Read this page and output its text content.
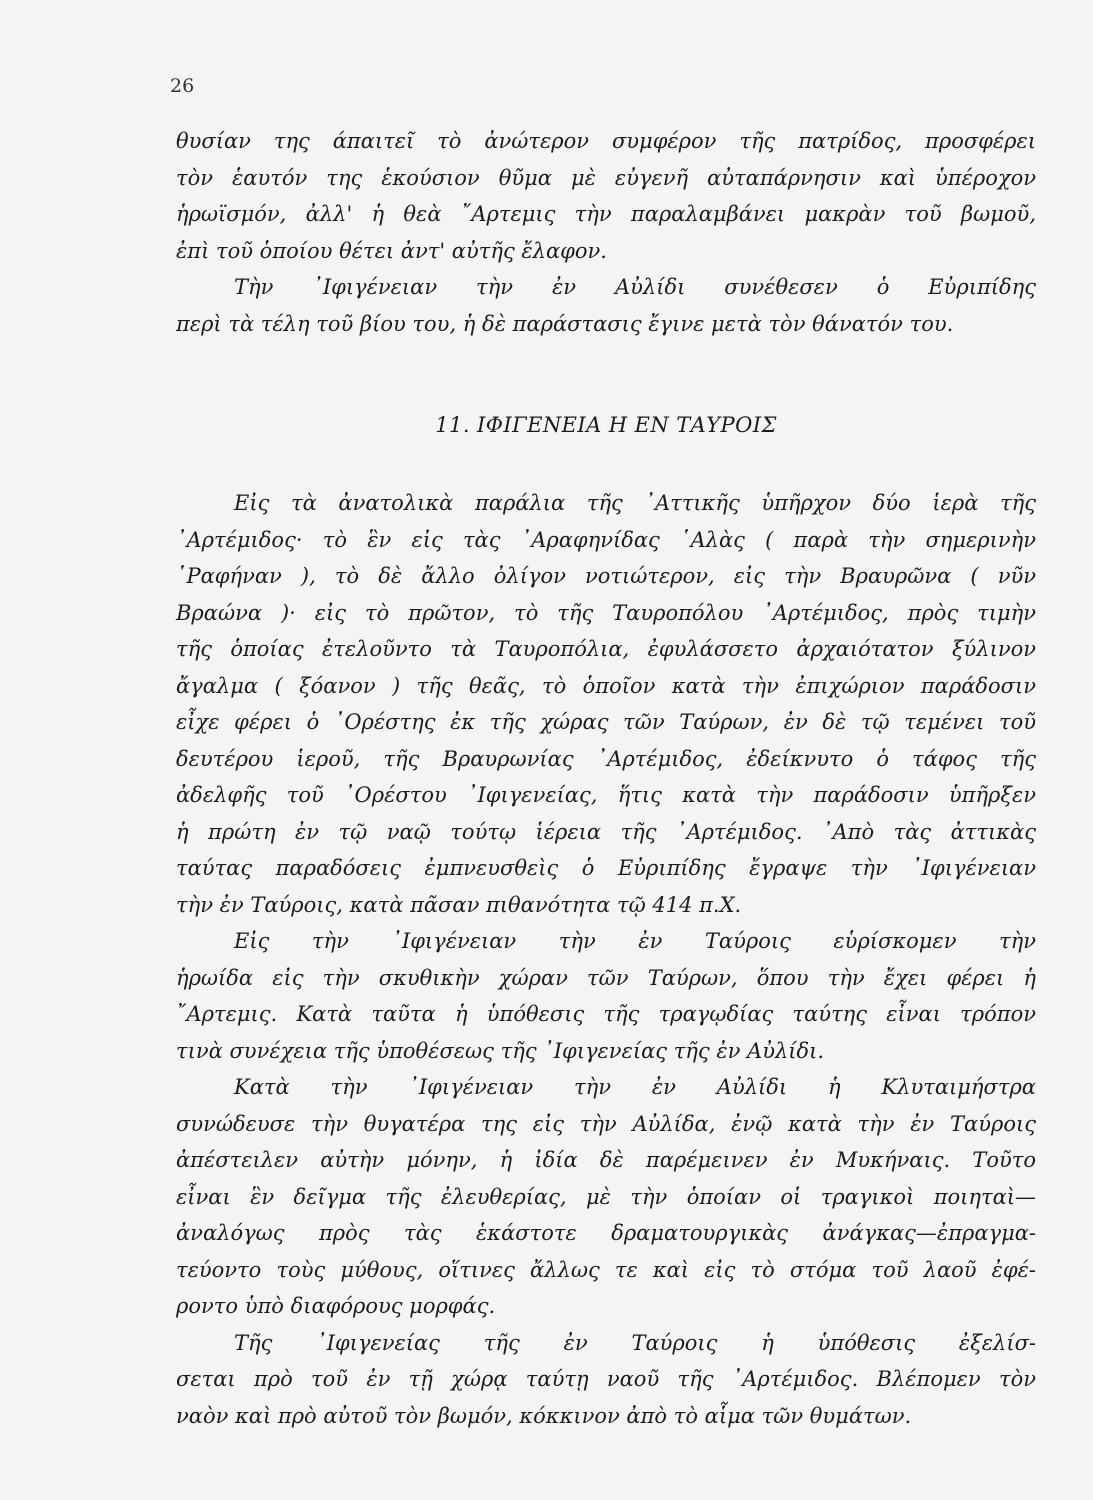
26
θυσίαν της άπαιτεῖ τὸ ἀνώτερον συμφέρον τῆς πατρίδος, προσφέρει
τὸν ἑαυτόν της ἑκούσιον θῦμα μὲ εὐγενῆ αὐταπάρνησιν καὶ ὑπέροχον
ἡρωϊσμόν, ἀλλ' ἡ θεὰ ῎Αρτεμις τὴν παραλαμβάνει μακρὰν τοῦ βωμοῦ,
ἐπὶ τοῦ ὁποίου θέτει ἀντ' αὐτῆς ἔλαφον.
Τὴν ᾿Ιφιγένειαν τὴν ἐν Αὐλίδι συνέθεσεν ὁ Εὐριπίδης
περὶ τὰ τέλη τοῦ βίου του, ἡ δὲ παράστασις ἔγινε μετὰ τὸν θάνατόν του.
11. ΙΦΙΓΕΝΕΙΑ Η ΕΝ ΤΑΥΡΟΙΣ
Εἰς τὰ ἀνατολικὰ παράλια τῆς ᾿Αττικῆς ὑπῆρχον δύο ἱερὰ τῆς
᾿Αρτέμιδος· τὸ ἓν εἰς τὰς ᾿Αραφηνίδας ῾Αλὰς ( παρὰ τὴν σημερινὴν
῾Ραφήναν ), τὸ δὲ ἄλλο ὀλίγον νοτιώτερον, εἰς τὴν Βραυρῶνα ( νῦν
Βραώνα )· εἰς τὸ πρῶτον, τὸ τῆς Ταυροπόλου ᾿Αρτέμιδος, πρὸς τιμὴν
τῆς ὁποίας ἐτελοῦντο τὰ Ταυροπόλια, ἐφυλάσσετο ἀρχαιότατον ξύλινον
ἄγαλμα ( ξόανον ) τῆς θεᾶς, τὸ ὁποῖον κατὰ τὴν ἐπιχώριον παράδοσιν
εἶχε φέρει ὁ ᾿Ορέστης ἐκ τῆς χώρας τῶν Ταύρων, ἐν δὲ τῷ τεμένει τοῦ
δευτέρου ἱεροῦ, τῆς Βραυρωνίας ᾿Αρτέμιδος, ἐδείκνυτο ὁ τάφος τῆς
ἀδελφῆς τοῦ ᾿Ορέστου ᾿Ιφιγενείας, ἥτις κατὰ τὴν παράδοσιν ὑπῆρξεν
ἡ πρώτη ἐν τῷ ναῷ τούτῳ ἱέρεια τῆς ᾿Αρτέμιδος. ᾿Απὸ τὰς ἀττικὰς
ταύτας παραδόσεις ἐμπνευσθεὶς ὁ Εὐριπίδης ἔγραψε τὴν ᾿Ιφιγένειαν
τὴν ἐν Ταύροις, κατὰ πᾶσαν πιθανότητα τῷ 414 π.Χ.
Εἰς τὴν ᾿Ιφιγένειαν τὴν ἐν Ταύροις εὑρίσκομεν τὴν
ἡρωίδα εἰς τὴν σκυθικὴν χώραν τῶν Ταύρων, ὅπου τὴν ἔχει φέρει ἡ
῎Αρτεμις. Κατὰ ταῦτα ἡ ὑπόθεσις τῆς τραγῳδίας ταύτης εἶναι τρόπον
τινὰ συνέχεια τῆς ὑποθέσεως τῆς ᾿Ιφιγενείας τῆς ἐν Αὐλίδι.
Κατὰ τὴν ᾿Ιφιγένειαν τὴν ἐν Αὐλίδι ἡ Κλυταιμήστρα
συνώδευσε τὴν θυγατέρα της εἰς τὴν Αὐλίδα, ἐνῷ κατὰ τὴν ἐν Ταύροις
ἀπέστειλεν αὐτὴν μόνην, ἡ ἰδία δὲ παρέμεινεν ἐν Μυκήναις. Τοῦτο
εἶναι ἓν δεῖγμα τῆς ἐλευθερίας, μὲ τὴν ὁποίαν οἱ τραγικοὶ ποιηταὶ—
ἀναλόγως πρὸς τὰς ἑκάστοτε δραματουργικὰς ἀνάγκας—ἐπραγμα-
τεύοντο τοὺς μύθους, οἵτινες ἄλλως τε καὶ εἰς τὸ στόμα τοῦ λαοῦ ἐφέ-
ροντο ὑπὸ διαφόρους μορφάς.
Τῆς ᾿Ιφιγενείας τῆς ἐν Ταύροις ἡ ὑπόθεσις ἐξελίσ-
σεται πρὸ τοῦ ἐν τῇ χώρᾳ ταύτῃ ναοῦ τῆς ᾿Αρτέμιδος. Βλέπομεν τὸν
ναὸν καὶ πρὸ αὐτοῦ τὸν βωμόν, κόκκινον ἀπὸ τὸ αἷμα τῶν θυμάτων.
